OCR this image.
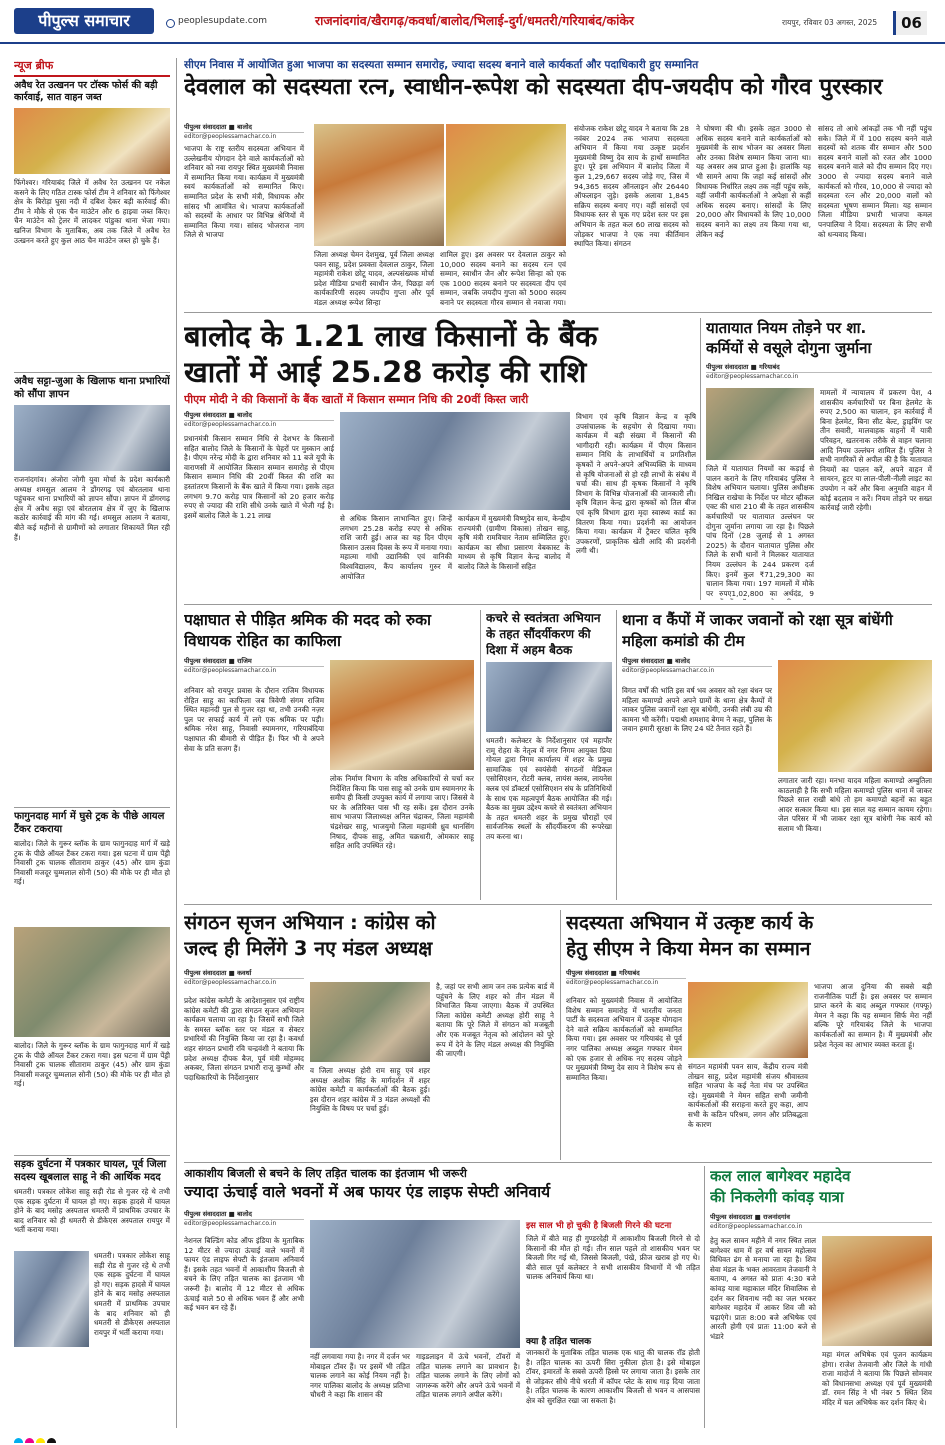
पीपुल्स समाचार	peoplesupdate.com	राजनांदगांव/खैरागढ़/कवर्धा/बालोद/भिलाई-दुर्ग/धमतरी/गरियाबंद/कांकेर	रायपुर, रविवार 03 अगस्त, 2025	06
न्यूज ब्रीफ
अवैध रेत उत्खनन पर टॉस्क फोर्स की बड़ी कार्रवाई, सात वाहन जब्त
फिंगेश्वर। गरियाबंद जिले में अवैध रेत उत्खनन पर नकेल कसने के लिए गठित टास्क फोर्स टीम ने शनिवार को फिंगेश्वर क्षेत्र के बिरोड़ा घुसा नदी में दबिश देकर बड़ी कार्रवाई की। टीम ने मौके से एक चैन माउंटेन और 6 हाइवा जब्त किए। चैन माउंटेन को ट्रेलर में लादकर पांडुका थाना भेजा गया। खनिज विभाग के मुताबिक, अब तक जिले में अवैध रेत उत्खनन करते हुए कुल आठ चैन माउंटेन जब्त हो चुके हैं।
अवैध सट्टा-जुआ के खिलाफ थाना प्रभारियों को सौंपा ज्ञापन
राजनांदगांव। अंजोरा जोगी युवा मोर्चा के प्रदेश कार्यकारी अध्यक्ष शमसुल आलम ने डोंगरगढ़ एवं बोरतलाव थाना पहुंचकर थाना प्रभारियों को ज्ञापन सौंपा। ज्ञापन में डोंगरगढ़ क्षेत्र में अवैध सट्टा एवं बोरतलाव क्षेत्र में जुए के खिलाफ कठोर कार्रवाई की मांग की गई। शमसुल आलम ने बताया, बीते कई महीनों से ग्रामीणों को लगातार शिकायतें मिल रही हैं।
फागुनदाह मार्ग में घुसे ट्रक के पीछे आयल टैंकर टकराया
बालोद। जिले के गुरूर ब्लॉक के ग्राम फागुनदाह मार्ग में खड़े ट्रक के पीछे ऑयल टैंकर टकरा गया। इस घटना में ग्राम पेंड्री निवासी ट्रक चालक सीताराम ठाकुर (45) और ग्राम कुंडा निवासी मजदूर चुम्मलाल सोनी (50) की मौके पर ही मौत हो गई।
बालोद। जिले के गुरूर ब्लॉक के ग्राम फागुनदाह मार्ग में खड़े ट्रक के पीछे ऑयल टैंकर टकरा गया। इस घटना में ग्राम पेंड्री निवासी ट्रक चालक सीताराम ठाकुर (45) और ग्राम कुंडा निवासी मजदूर चुम्मलाल सोनी (50) की मौके पर ही मौत हो गई।
सड़क दुर्घटना में पत्रकार घायल, पूर्व जिला सदस्य खूबलाल साहू ने की आर्थिक मदद
धमतरी। पत्रकार लोकेश साहू सड़ी रोड से गुजर रहे थे तभी एक सड़क दुर्घटना में घायल हो गए। सड़क हादसे में घायल होने के बाद मसोह अस्पताल धमतरी में प्राथमिक उपचार के बाद शनिवार को ही धमतरी से डीकेएस अस्पताल रायपुर में भर्ती कराया गया।
धमतरी। पत्रकार लोकेश साहू सड़ी रोड से गुजर रहे थे तभी एक सड़क दुर्घटना में घायल हो गए। सड़क हादसे में घायल होने के बाद मसोह अस्पताल धमतरी में प्राथमिक उपचार के बाद शनिवार को ही धमतरी से डीकेएस अस्पताल रायपुर में भर्ती कराया गया।
सीएम निवास में आयोजित हुआ भाजपा का सदस्यता सम्मान समारोह, ज्यादा सदस्य बनाने वाले कार्यकर्ता और पदाधिकारी हुए सम्मानित
देवलाल को सदस्यता रत्न, स्वाधीन-रूपेश को सदस्यता दीप-जयदीप को गौरव पुरस्कार
पीपुल्स संवाददाता ■ बालोद
editor@peoplessamachar.co.in
भाजपा के राष्ट्र स्तरीय सदस्यता अभियान में उल्लेखनीय योगदान देने वाले कार्यकर्ताओं को शनिवार को नवा रायपुर स्थित मुख्यमंत्री निवास में सम्मानित किया गया। कार्यक्रम में मुख्यमंत्री स्वयं कार्यकर्ताओं को सम्मानित किए। सम्मानित प्रदेश के सभी मंत्री, विधायक और सांसद भी आमंत्रित थे। भाजपा कार्यकर्ताओं को सदस्यों के आधार पर विभिन्न श्रेणियों में सम्मानित किया गया। सांसद भोजराज नाग जिले से भाजपा
जिला अध्यक्ष चेमन देशमुख, पूर्व जिला अध्यक्ष पवन साहू, प्रदेश प्रवक्ता देवलाल ठाकुर, जिला महामंत्री राकेश छोटू यादव, अल्पसंख्यक मोर्चा प्रदेश मीडिया प्रभारी स्वाधीन जैन, पिछड़ा वर्ग कार्यकारिणी सदस्य जयदीप गुप्ता और पूर्व मंडल अध्यक्ष रूपेश सिन्हा
शामिल हुए। इस अवसर पर देवलाल ठाकुर को 10,000 सदस्य बनाने का सदस्य रत्न एवं सम्मान, स्वाधीन जैन और रूपेश सिन्हा को एक एक 1000 सदस्य बनाने पर सदस्यता दीप एवं सम्मान, जबकि जयदीप गुप्ता को 5000 सदस्य बनाने पर सदस्यता गौरव सम्मान से नवाजा गया।
संयोजक राकेश छोटू यादव ने बताया कि 28 नवंबर 2024 तक भाजपा सदस्यता अभियान में किया गया उत्कृष्ट प्रदर्शन मुख्यमंत्री विष्णु देव साय के हाथों सम्मानित हुए। पूरे इस अभियान में बालोद जिला में कुल 1,29,667 सदस्य जोड़े गए, जिस में 94,365 सदस्य ऑनलाइन और 26440 ऑफलाइन जुड़े। इसके अलावा 1,845 सक्रिय सदस्य बनाए गए। वहीं सांसदों एवं विधायक स्तर से चूक गए प्रदेश स्तर पर इस अभियान के तहत कल 60 लाख सदस्य को जोड़कर भाजपा ने एक नया कीर्तिमान स्थापित किया। संगठन
ने घोषणा की थी। इसके तहत 3000 से अधिक सदस्य बनाने वाले कार्यकर्ताओं को मुख्यमंत्री के साथ भोजन का अवसर मिला और उनका विशेष सम्मान किया जाना था। यह अवसर अब प्राप्त हुआ है। हालांकि यह भी सामने आया कि जहां कई सांसदों और विधायक निर्धारित लक्ष्य तक नहीं पहुंच सके, वहीं जमीनी कार्यकर्ताओं ने अपेक्षा से कहीं अधिक सदस्य बनाए। सांसदों के लिए 20,000 और विधायकों के लिए 10,000 सदस्य बनाने का लक्ष्य तय किया गया था, लेकिन कई
सांसद तो आधे आंकड़ों तक भी नहीं पहुंच सके। जिले में में 100 सदस्य बनने वाले सदस्यों को शतक वीर सम्मान और 500 सदस्य बनाने वालों को रजत और 1000 सदस्य बनाने वाले को दीप सम्मान दिए गए। 3000 से ज्यादा सदस्य बनाने वाले कार्यकर्ता को गौरव, 10,000 से ज्यादा को सदस्यता रत्न और 20,000 वालों को सदस्यता भूषण सम्मान मिला। यह सम्मान जिला मीडिया प्रभारी भाजपा कमल पनपालिया ने दिया। सदस्यता के लिए सभी को धन्यवाद किया।
बालोद के 1.21 लाख किसानों के बैंक
खातों में आई 25.28 करोड़ की राशि
पीएम मोदी ने की किसानों के बैंक खातों में किसान सम्मान निधि की 20वीं किस्त जारी
पीपुल्स संवाददाता ■ बालोद
editor@peoplessamachar.co.in
प्रधानमंत्री किसान सम्मान निधि से देशभर के किसानों सहित बालोद जिले के किसानों के चेहरों पर मुस्कान आई है। पीएम नरेन्द्र मोदी के द्वारा शनिवार को 11 बजे यूपी के वाराणसी में आयोजित किसान सम्मान समारोह से पीएम किसान सम्मान निधि की 20वीं किस्त की राशि का हस्तांतरण किसानों के बैंक खाते में किया गया। इसके तहत लगभग 9.70 करोड़ पात्र किसानों को 20 हजार करोड़ रुपए से ज्यादा की राशि सीधे उनके खाते में भेजी गई है। इसमें बालोद जिले के 1.21 लाख	से अधिक किसान लाभान्वित हुए। जिन्हें लगभग 25.28 करोड़ रुपए से अधिक राशि जारी हुई। आज का यह दिन पीएम किसान उत्सव दिवस के रूप में मनाया गया। महात्मा गांधी उद्यानिकी एवं वानिकी विश्वविद्यालय, कैंप कार्यालय गुरुर में आयोजित
कार्यक्रम में मुख्यमंत्री विष्णुदेव साय, केन्द्रीय राज्यमंत्री (ग्रामीण विकास) तोखन साहू, कृषि मंत्री रामविचार नेताम सम्मिलित हुए। कार्यक्रम का सीधा प्रसारण वेबकास्ट के माध्यम से कृषि विज्ञान केन्द्र बालोद में बालोद जिले के किसानों सहित
विभाग एवं कृषि विज्ञान केन्द्र व कृषि उपसंचालक के सहयोग से दिखाया गया। कार्यक्रम में बड़ी संख्या में किसानों की भागीदारी रही। कार्यक्रम में पीएम किसान सम्मान निधि के लाभार्थियों व प्रगतिशील कृषकों ने अपने-अपने अभिव्यक्ति के माध्यम से कृषि योजनाओं से हो रही लाभों के संबंध में चर्चा की। साथ ही कृषक किसानों ने कृषि विभाग के विभिन्न योजनाओं की जानकारी ली। कृषि विज्ञान केन्द्र द्वारा कृषकों को तिल बीज एवं कृषि विभाग द्वारा मृदा स्वास्थ्य कार्ड का वितरण किया गया। प्रदर्शनी का आयोजन किया गया। कार्यक्रम में ट्रैक्टर चलित कृषि उपकरणों, प्राकृतिक खेती आदि की प्रदर्शनी लगी थी।
यातायात नियम तोड़ने पर शा.
कर्मियों से वसूले दोगुना जुर्माना
पीपुल्स संवाददाता ■ गरियाबंद
editor@peoplessamachar.co.in
जिले में यातायात नियमों का कड़ाई से पालन कराने के लिए गरियाबंद पुलिस ने विशेष अभियान चलाया। पुलिस अधीक्षक निखिल राखेचा के निर्देश पर मोटर व्हीकल एक्ट की धारा 210 बी के तहत शासकीय कर्मचारियों पर यातायात उल्लंघन पर दोगुना जुर्माना लगाया जा रहा है। पिछले पांच दिनों (28 जुलाई से 1 अगस्त 2025) के दौरान यातायात पुलिस और जिले के सभी थानों ने मिलकर यातायात नियम उल्लंघन के 244 प्रकरण दर्ज किए। इनमें कुल ₹71,29,300 का चालान किया गया। 197 मामलों में मौके पर रुपए1,02,800 का अर्थदंड, 9
मामलों में न्यायालय में प्रकरण पेश, 4 शासकीय कर्मचारियों पर बिना हेलमेट के रुपए 2,500 का चालान, इन कार्रवाई में बिना हेलमेट, बिना सीट बेल्ट, ड्राइविंग पर तीन सवारी, मालवाहक वाहनों में यात्री परिवहन, खतरनाक तरीके से वाहन चलाना आदि नियम उल्लंघन शामिल हैं। पुलिस ने सभी नागरिकों से अपील की है कि यातायात नियमों का पालन करें, अपने वाहन में सायरन, हूटर या लाल-पीली-नीली लाइट का उपयोग न करें और बिना अनुमति वाहन में कोई बदलाव न करें। नियम तोड़ने पर सख्त कार्रवाई जारी रहेगी।
पक्षाघात से पीड़ित श्रमिक की मदद को रुका विधायक रोहित का काफिला
पीपुल्स संवाददाता ■ राजिम
editor@peoplessamachar.co.in
शनिवार को रायपुर प्रवास के दौरान राजिम विधायक रोहित साहू का काफिला जब त्रिवेणी संगम राजिम स्थित महानदी पुल से गुजर रहा था, तभी उनकी नज़र पुल पर सफाई कार्य में लगे एक श्रमिक पर पड़ी। श्रमिक नरेश साहू, निवासी स्यामनगर, गरियाबंदिया पक्षाघात की बीमारी से पीड़ित हैं। फिर भी वे अपने सेवा के प्रति सजग हैं।
लोक निर्माण विभाग के वरिष्ठ अधिकारियों से चर्चा कर निर्देशित किया कि पास साहू को उनके ग्राम स्यामनगर के समीप ही किसी उपयुक्त कार्य में लगाया जाए। जिससे वे घर के अतिरिक्त पास भी रह सकें। इस दौरान उनके साथ भाजपा जिलाध्यक्ष अनिल चंद्राकर, जिला महामंत्री चंद्रशेखर साहू, भाजयुमो जिला महामंत्री ध्रुव थानसिंग निषाद, दीपक साहू, अमित चक्रधारी, ओमकार साहू सहित आदि उपस्थित रहे।
कचरे से स्वतंत्रता अभियान के तहत सौंदर्यीकरण की दिशा में अहम बैठक
धमतरी। कलेक्टर के निर्देशानुसार एवं महापौर रामू रोहरा के नेतृत्व में नगर निगम आयुक्त प्रिया गोयल द्वारा निगम कार्यालय में शहर के प्रमुख सामाजिक एवं स्वयंसेवी संगठनों मेडिकल एसोसिएशन, रोटरी क्लब, लायंस क्लब, लायनेस क्लब एवं डॉक्टर्स एसोसिएशन संघ के प्रतिनिधियों के साथ एक महत्वपूर्ण बैठक आयोजित की गई। बैठक का मुख्य उद्देश्य कचरे से स्वतंत्रता अभियान के तहत धमतरी शहर के प्रमुख चौराहों एवं सार्वजनिक स्थलों के सौंदर्यीकरण की रूपरेखा तय करना था।
थाना व कैंपों में जाकर जवानों को रक्षा सूत्र बांधेंगी महिला कमांडो की टीम
पीपुल्स संवाददाता ■ बालोद
editor@peoplessamachar.co.in
विगत वर्षों की भांति इस वर्ष भव अवसर को रक्षा बंधन पर महिला कमाण्डो अपने अपने ग्रामों के थाना क्षेत्र कैम्पों में जाकर पुलिस जवानों रक्षा सूत्र बांधेंगी, उनकी लंबी उम्र की कामना भी करेंगी। पद्मश्री शमशाद बेगम ने कहा, पुलिस के जवान हमारी सुरक्षा के लिए 24 घंटे तैनात रहते हैं।
लगातार जारी रहा। मनभा यादव महिला कमाण्डो अम्बुतिला काठलाही है कि सभी महिला कमाण्डो पुलिस थाना में जाकर पिछले साल राखी बांधे तो हम कमाण्डो बहनों का बहुत आदर सत्कार किया था। इस साल यह सम्मान कायम रहेगा। जेल परिसर में भी जाकर रक्षा सूत्र बांधेगी नेक कार्य को सलाम भी किया।
संगठन सृजन अभियान : कांग्रेस को
जल्द ही मिलेंगे 3 नए मंडल अध्यक्ष
पीपुल्स संवाददाता ■ कवर्धा
editor@peoplessamachar.co.in
प्रदेश कांग्रेस कमेटी के आदेशानुसार एवं राष्ट्रीय कांग्रेस कमेटी की द्वारा संगठन सृजन अभियान कार्यक्रम चलाया जा रहा है। जिसमें सभी जिले के समस्त ब्लॉक स्तर पर मंडल व सेक्टर प्रभारियों की नियुक्ति किया जा रहा है। कवर्धा शहर संगठन प्रभारी रवि चन्द्रवंशी ने बताया कि प्रदेश अध्यक्ष दीपक बैज, पूर्व मंत्री मोहम्मद अकबर, जिला संगठन प्रभारी राजू कुम्भों और पदाधिकारियों के निर्देशानुसार
व जिला अध्यक्ष होरी राम साहू एवं शहर अध्यक्ष अशोक सिंह के मार्गदर्शन में शहर कांग्रेस कमेटी व कार्यकर्ताओं की बैठक हुई। इस दौरान शहर कांग्रेस में 3 मंडल अध्यक्षों की नियुक्ति के विषय पर चर्चा हुई।
है, जहां पर सभी आम जन तक प्रत्येक बार्ड में पहुंचने के लिए शहर को तीन मंडल में विभाजित किया जाएगा। बैठक में उपस्थित जिला कांग्रेस कमेटी अध्यक्ष होरी साहू ने बताया कि पूरे जिले में संगठन को मजबूती और एक मजबूत नेतृत्व को आंदोलन को पूरे रूप में देने के लिए मंडल अध्यक्ष की नियुक्ति की जाएगी।
सदस्यता अभियान में उत्कृष्ट कार्य के
हेतु सीएम ने किया मेमन का सम्मान
पीपुल्स संवाददाता ■ गरियाबंद
editor@peoplessamachar.co.in
शनिवार को मुख्यमंत्री निवास में आयोजित विशेष सम्मान समारोह में भारतीय जनता पार्टी के सदस्यता अभियान में उत्कृष्ट योगदान देने वाले सक्रिय कार्यकर्ताओं को सम्मानित किया गया। इस अवसर पर गरियाबंद से पूर्व नगर पालिका अध्यक्ष अब्दुल गफ्फार मेमन को एक हजार से अधिक नए सदस्य जोड़ने पर मुख्यमंत्री विष्णु देव साय ने विशेष रूप से सम्मानित किया।
संगठन महामंत्री पवन साय, केंद्रीय राज्य मंत्री तोखन साहू, प्रदेश महामंत्री संजय श्रीवास्तव सहित भाजपा के कई नेता मंच पर उपस्थित रहे। मुख्यमंत्री ने मेमन सहित सभी जमीनी कार्यकर्ताओं की सराहना करते हुए कहा, आप सभी के कठिन परिश्रम, लगन और प्रतिबद्धता के कारण
भाजपा आज दुनिया की सबसे बड़ी राजनीतिक पार्टी है। इस अवसर पर सम्मान प्राप्त करने के बाद अब्दुल गफ्फार (गफ्फू) मेमन ने कहा कि यह सम्मान सिर्फ मेरा नहीं बल्कि पूरे गरियाबंद जिले के भाजपा कार्यकर्ताओं का सम्मान है। मैं मुख्यमंत्री और प्रदेश नेतृत्व का आभार व्यक्त करता हूं।
आकाशीय बिजली से बचने के लिए तड़ित चालक का इंतजाम भी जरूरी
ज्यादा ऊंचाई वाले भवनों में अब फायर एंड लाइफ सेफ्टी अनिवार्य
पीपुल्स संवाददाता ■ बालोद
editor@peoplessamachar.co.in
नेशनल बिल्डिंग कोड ऑफ इंडिया के मुताबिक 12 मीटर से ज्यादा ऊंचाई वाले भवनों में फायर एंड लाइफ सेफ्टी के इंतजाम अनिवार्य हैं। इसके तहत भवनों में आकाशीय बिजली से बचने के लिए तड़ित चालक का इंतजाम भी जरूरी है। बालोद में 12 मीटर से अधिक ऊंचाई वाले 50 से अधिक भवन हैं और अभी कई भवन बन रहे हैं।
नहीं लगवाया गया है। नगर में दर्जन भर मोबाइल टॉवर हैं। पर इसमें भी तड़ित चालक लगाने का कोई नियम नहीं है। नगर पालिका बालोद के अध्यक्ष प्रतिभा चौधरी ने कहा कि शासन की
गाइडलाइन में ऊंचे भवनों, टॉवरों में तड़ित चालक लगाने का प्रावधान है। तड़ित चालक लगाने के लिए लोगों को जागरूक करेंगे और अपने ऊंचे भवनों में तड़ित चालक लगाने अपील करेंगे।
इस साल भी हो चुकी है बिजली गिरने की घटना
जिले में बीते माह ही गुण्डरदेही में आकाशीय बिजली गिरने से दो किसानों की मौत हो गई। तीन साल पहले तो शासकीय भवन पर बिजली गिर गई थी, जिससे बिजली, पंखे, फ्रीज खराब हो गए थे। बीते साल पूर्व कलेक्टर ने सभी शासकीय विभागों में भी तड़ित चालक अनिवार्य किया था।
क्या है तड़ित चालक
जानकारों के मुताबिक तड़ित चालक एक धातु की चालक रॉड होती है। तड़ित चालक का ऊपरी सिरा नुकीला होता है। इसे मोबाइल टॉवर, इमारतों के सबसे ऊपरी हिस्से पर लगाया जाता है। इसके तार से जोड़कर सीधे नीचे धरती में कॉपर प्लेट के साथ गाड़ दिया जाता है। तड़ित चालक के कारण आकाशीय बिजली से भवन व आसपास क्षेत्र को सुरक्षित रखा जा सकता है।
कल लाल बागेश्वर महादेव
की निकलेगी कांवड़ यात्रा
पीपुल्स संवाददाता ■ राजनांदगांव
editor@peoplessamachar.co.in
हेतु कल सावन महीने में नगर स्थित लाल बागेश्वर धाम में हर वर्ष सावन महोत्सव विधिवत ढंग से मनाया जा रहा है। शिव सेवा मंडल के भक्त आवरताम तेजवानी ने बताया, 4 अगस्त को प्रातः 4:30 बजे कांवड़ यात्रा महाकाल मंदिर शिवालिक से दर्शन कर शिवनाथ नदी का जल भरकर बागेश्वर महादेव में आकर शिव जी को चढ़ाएंगे। प्रातः 8:00 बजे अभिषेक एवं आरती होगी एवं प्रातः 11:00 बजे से भंडारे
महा मंगल अभिषेक एवं पूजन कार्यक्रम होगा। राजेश तेजवानी और जिले के गांधी राजा मादोर्ज ने बताया कि पिछले सोमवार को विधानसभा अध्यक्ष एवं पूर्व मुख्यमंत्री डॉ. रमन सिंह ने भी नंबर 5 स्थित शिव मंदिर में चल अभिषेक कर दर्शन किए थे।
